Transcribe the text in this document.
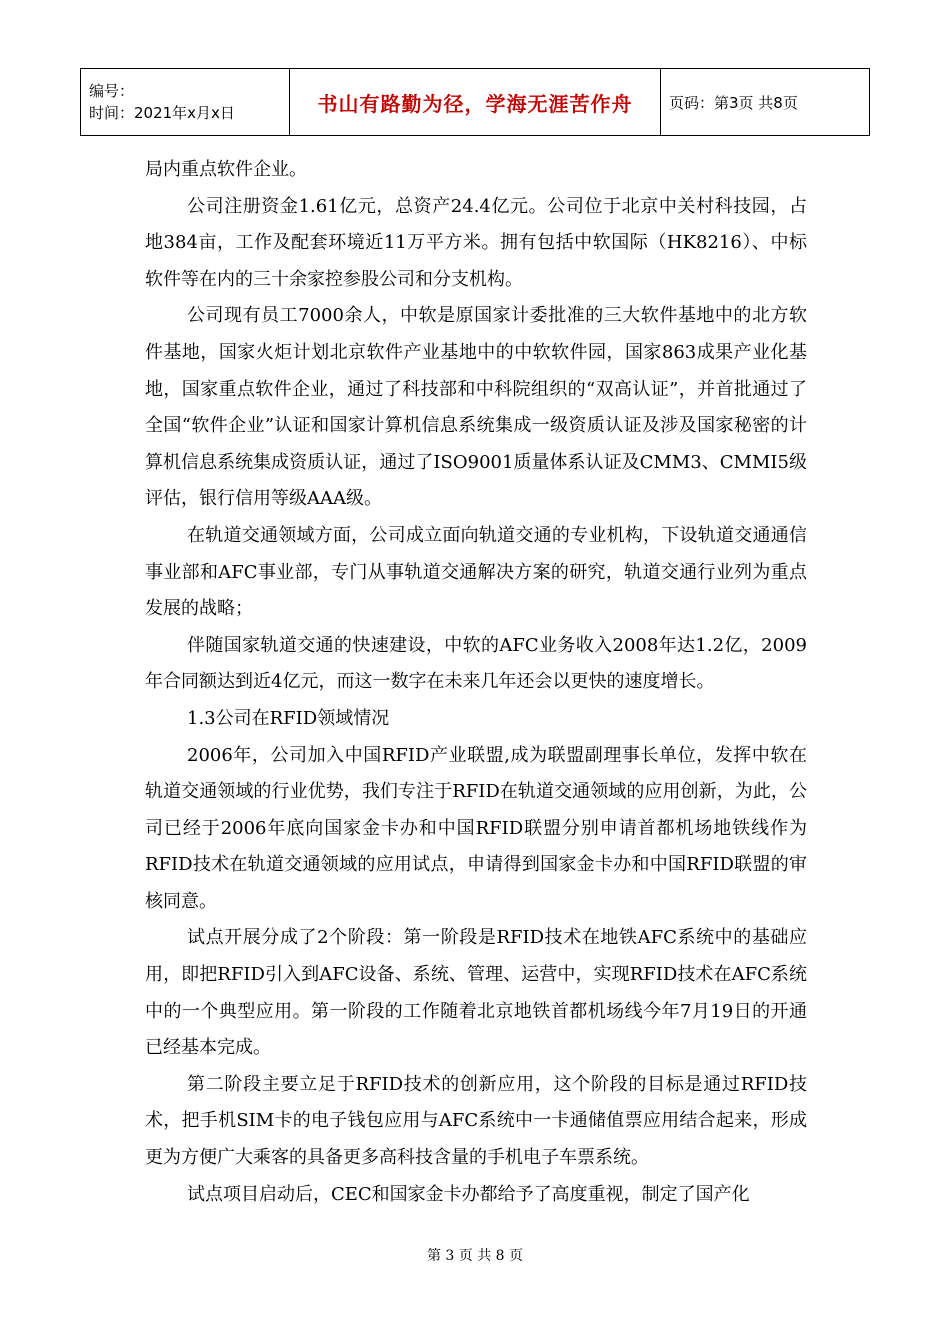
编号：
时间：2021年x月x日	书山有路勤为径，学海无涯苦作舟	页码：第3页 共8页

局内重点软件企业。

公司注册资金1.61亿元，总资产24.4亿元。公司位于北京中关村科技园，占地384亩，工作及配套环境近11万平方米。拥有包括中软国际（HK8216）、中标软件等在内的三十余家控参股公司和分支机构。

公司现有员工7000余人，中软是原国家计委批准的三大软件基地中的北方软件基地，国家火炬计划北京软件产业基地中的中软软件园，国家863成果产业化基地，国家重点软件企业，通过了科技部和中科院组织的“双高认证”，并首批通过了全国“软件企业”认证和国家计算机信息系统集成一级资质认证及涉及国家秘密的计算机信息系统集成资质认证，通过了ISO9001质量体系认证及CMM3、CMMI5级评估，银行信用等级AAA级。

在轨道交通领域方面，公司成立面向轨道交通的专业机构，下设轨道交通通信事业部和AFC事业部，专门从事轨道交通解决方案的研究，轨道交通行业列为重点发展的战略；

伴随国家轨道交通的快速建设，中软的AFC业务收入2008年达1.2亿，2009年合同额达到近4亿元，而这一数字在未来几年还会以更快的速度增长。

1.3公司在RFID领域情况

2006年，公司加入中国RFID产业联盟,成为联盟副理事长单位，发挥中软在轨道交通领域的行业优势，我们专注于RFID在轨道交通领域的应用创新，为此，公司已经于2006年底向国家金卡办和中国RFID联盟分别申请首都机场地铁线作为RFID技术在轨道交通领域的应用试点，申请得到国家金卡办和中国RFID联盟的审核同意。

试点开展分成了2个阶段：第一阶段是RFID技术在地铁AFC系统中的基础应用，即把RFID引入到AFC设备、系统、管理、运营中，实现RFID技术在AFC系统中的一个典型应用。第一阶段的工作随着北京地铁首都机场线今年7月19日的开通已经基本完成。

第二阶段主要立足于RFID技术的创新应用，这个阶段的目标是通过RFID技术，把手机SIM卡的电子钱包应用与AFC系统中一卡通储值票应用结合起来，形成更为方便广大乘客的具备更多高科技含量的手机电子车票系统。

试点项目启动后，CEC和国家金卡办都给予了高度重视，制定了国产化

第 3 页 共 8 页
